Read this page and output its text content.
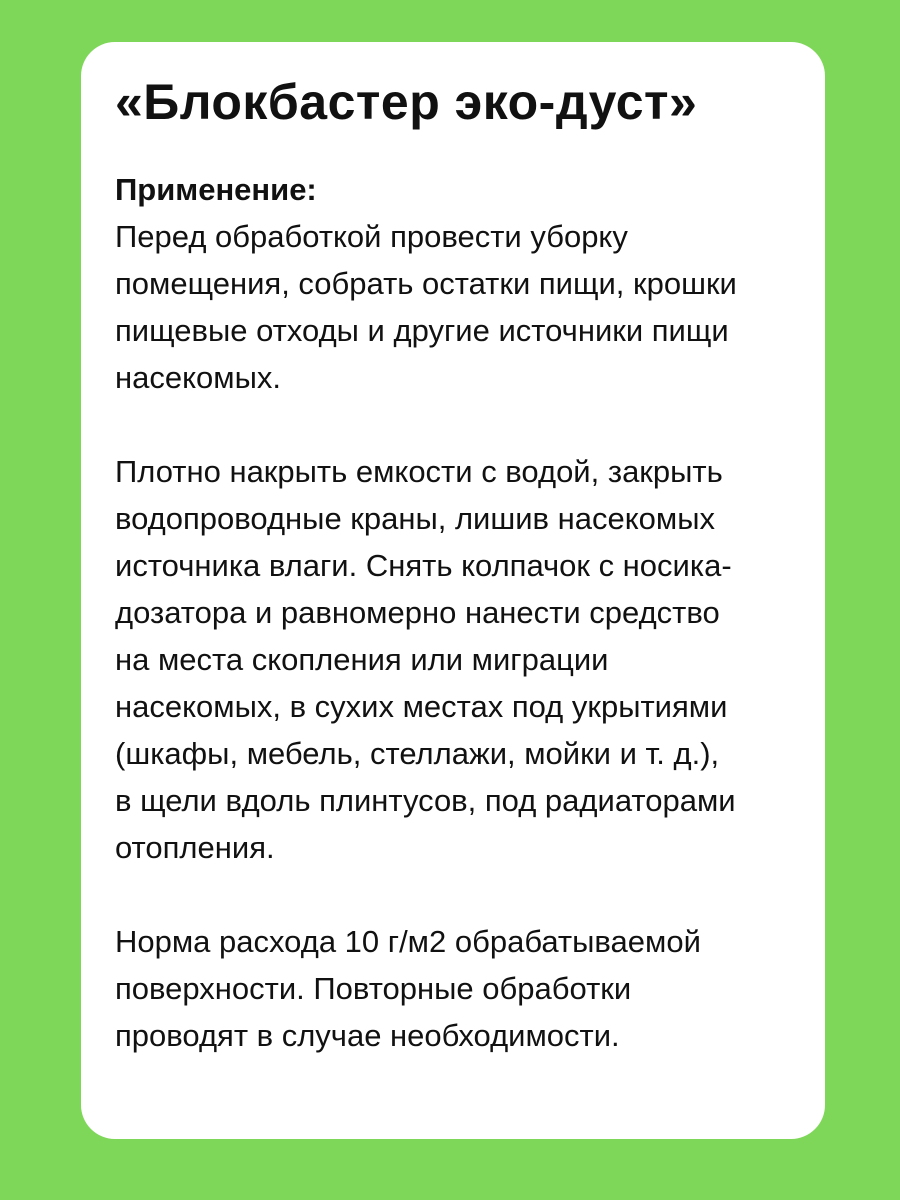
«Блокбастер эко-дуст»

Применение:

Перед обработкой провести уборку
помещения, собрать остатки пищи, крошки
пищевые отходы и другие источники пищи
насекомых.
Плотно накрыть емкости с водой, закрыть
водопроводные краны, лишив насекомых
источника влаги. Снять колпачок с носика-
дозатора и равномерно нанести средство
на места скопления или миграции
насекомых, в сухих местах под укрытиями
(шкафы, мебель, стеллажи, мойки и т. д.),
в щели вдоль плинтусов, под радиаторами
отопления.
Норма расхода 10 г/м2 обрабатываемой
поверхности. Повторные обработки
проводят в случае необходимости.
